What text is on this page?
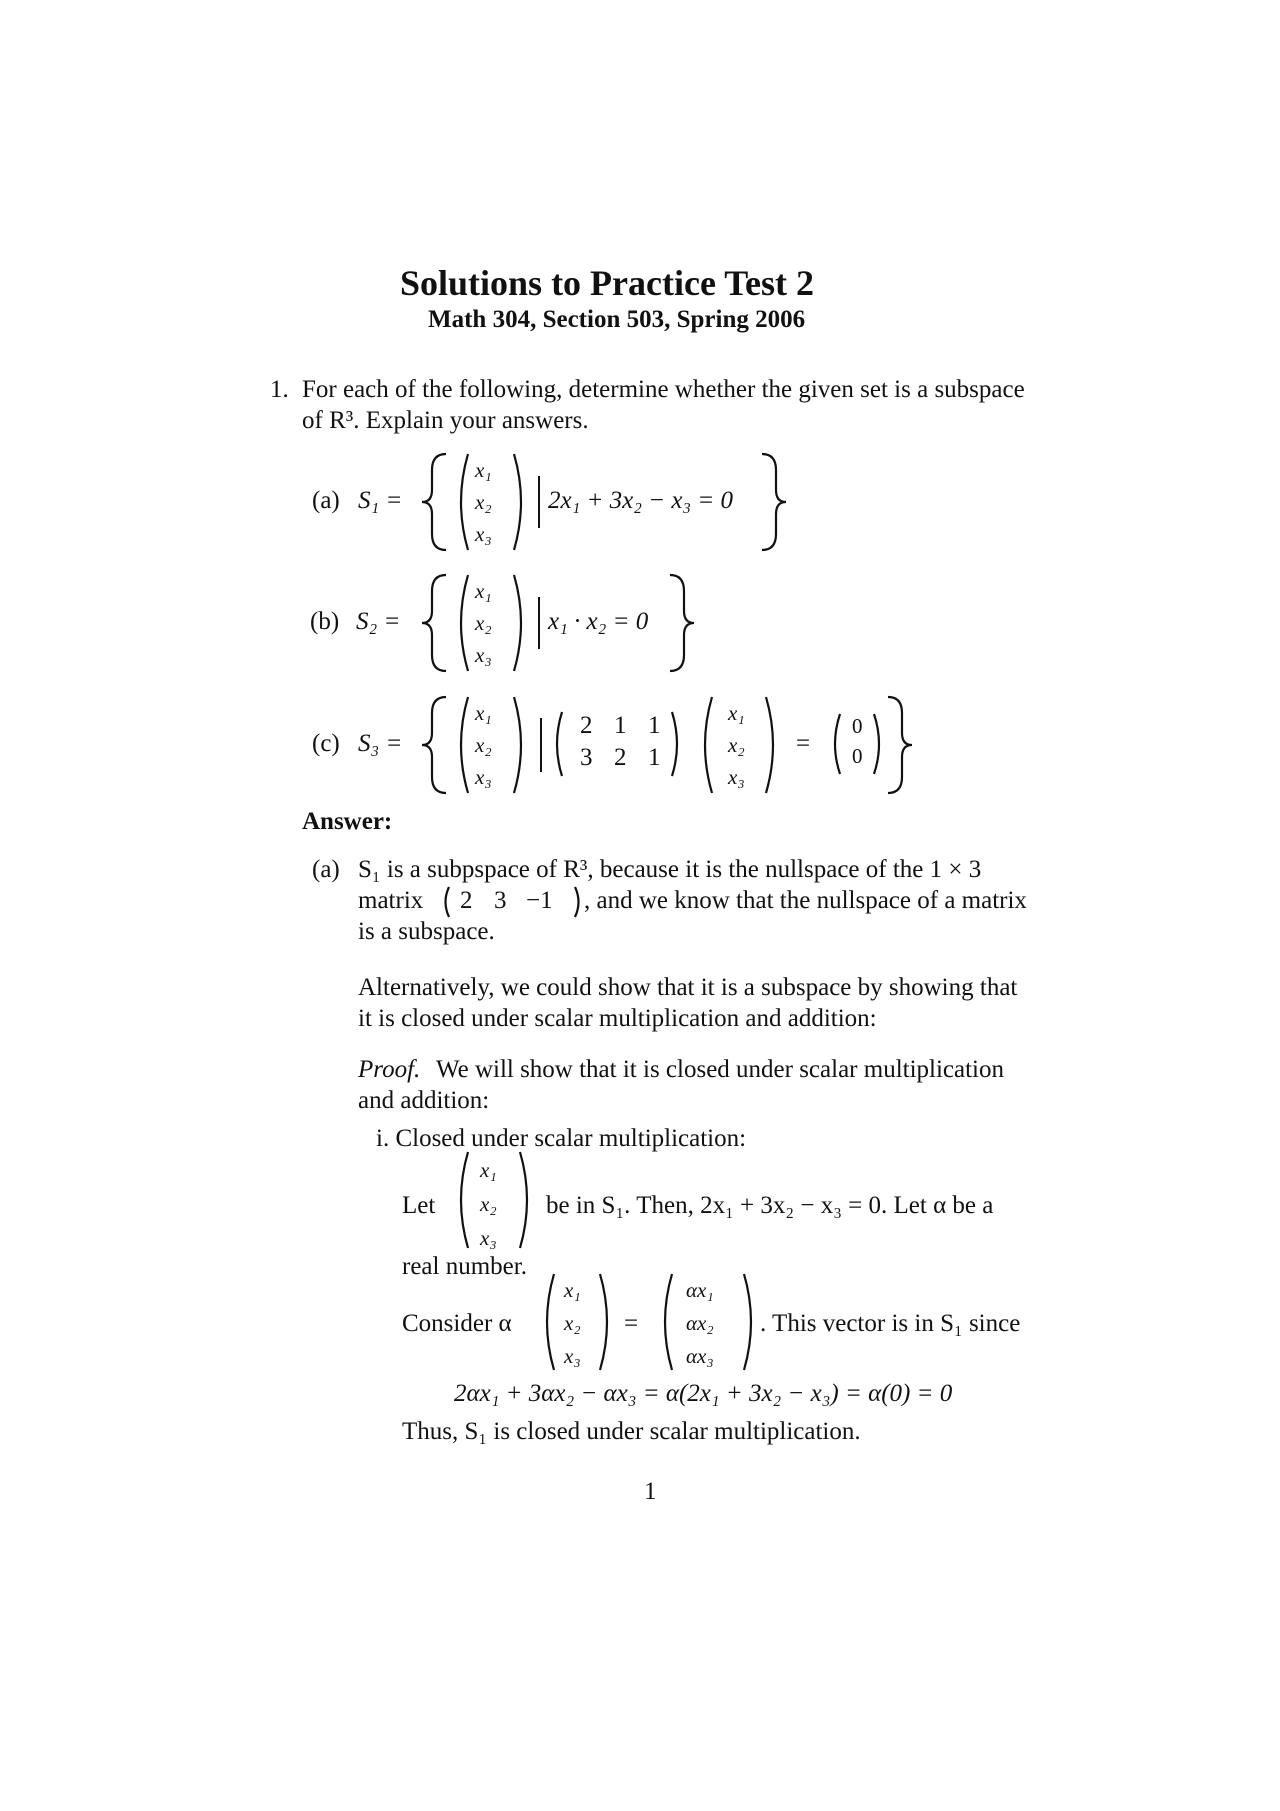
Solutions to Practice Test 2
Math 304, Section 503, Spring 2006
1. For each of the following, determine whether the given set is a subspace
of R³. Explain your answers.
(a) S₁ =
x₁
x₂
x₃
2x₁ + 3x₂ − x₃ = 0
(b) S₂ =
x₁
x₂
x₃
x₁ · x₂ = 0
(c) S₃ =
x₁
x₂
x₃
2 1 1
3 2 1
x₁
x₂
x₃
=
0
0
Answer:
(a) S₁ is a subpspace of R³, because it is the nullspace of the 1 × 3
matrix 2 3 −1 , and we know that the nullspace of a matrix
is a subspace.
Alternatively, we could show that it is a subspace by showing that
it is closed under scalar multiplication and addition:
Proof. We will show that it is closed under scalar multiplication
and addition:
i. Closed under scalar multiplication:
Let
x₁
x₂
x₃
be in S₁. Then, 2x₁ + 3x₂ − x₃ = 0. Let α be a
real number.
Consider α
x₁
x₂
x₃
=
αx₁
αx₂
αx₃
. This vector is in S₁ since
2αx₁ + 3αx₂ − αx₃ = α(2x₁ + 3x₂ − x₃) = α(0) = 0
Thus, S₁ is closed under scalar multiplication.
1
